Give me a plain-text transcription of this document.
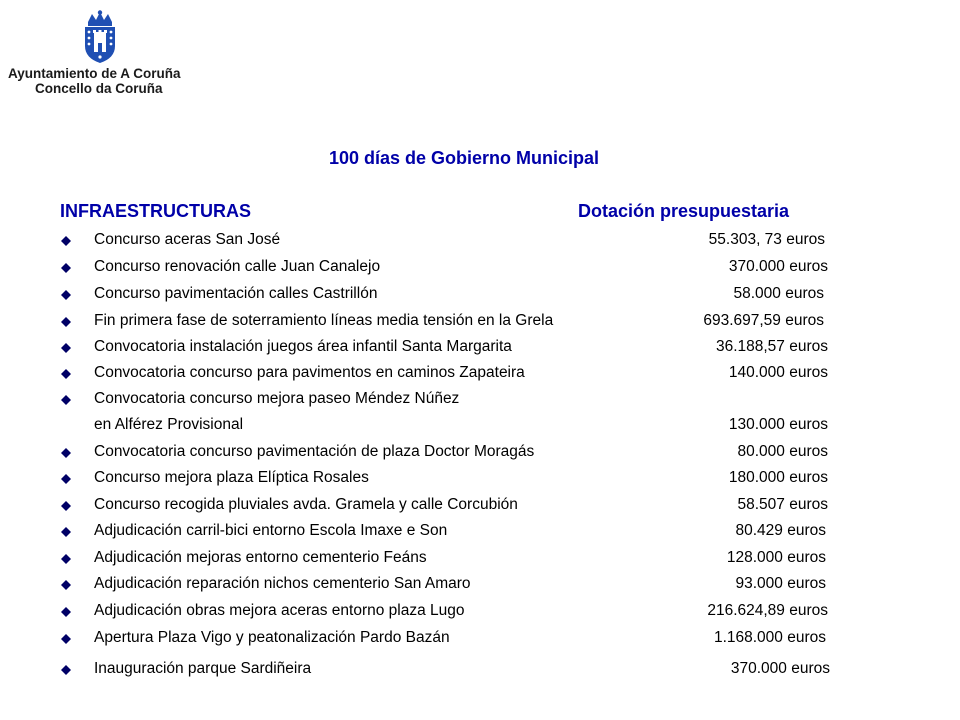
Ayuntamiento de A Coruña
Concello da Coruña
100 días de Gobierno Municipal
INFRAESTRUCTURAS	Dotación presupuestaria
Concurso aceras San José	55.303, 73 euros
Concurso renovación calle Juan Canalejo	370.000 euros
Concurso pavimentación calles Castrillón	58.000 euros
Fin primera fase de soterramiento líneas media tensión en la Grela	693.697,59 euros
Convocatoria instalación juegos área infantil Santa Margarita	36.188,57 euros
Convocatoria concurso para pavimentos en caminos Zapateira	140.000 euros
Convocatoria concurso mejora paseo Méndez Núñez
en Alférez Provisional	130.000 euros
Convocatoria concurso pavimentación de plaza Doctor Moragás	80.000 euros
Concurso mejora plaza Elíptica Rosales	180.000 euros
Concurso recogida pluviales avda. Gramela y calle Corcubión	58.507 euros
Adjudicación carril-bici entorno Escola Imaxe e Son	80.429 euros
Adjudicación mejoras entorno cementerio Feáns	128.000 euros
Adjudicación reparación nichos cementerio San Amaro	93.000 euros
Adjudicación obras mejora aceras entorno plaza Lugo	216.624,89 euros
Apertura Plaza Vigo y peatonalización Pardo Bazán	1.168.000 euros
Inauguración parque Sardiñeira	370.000 euros
